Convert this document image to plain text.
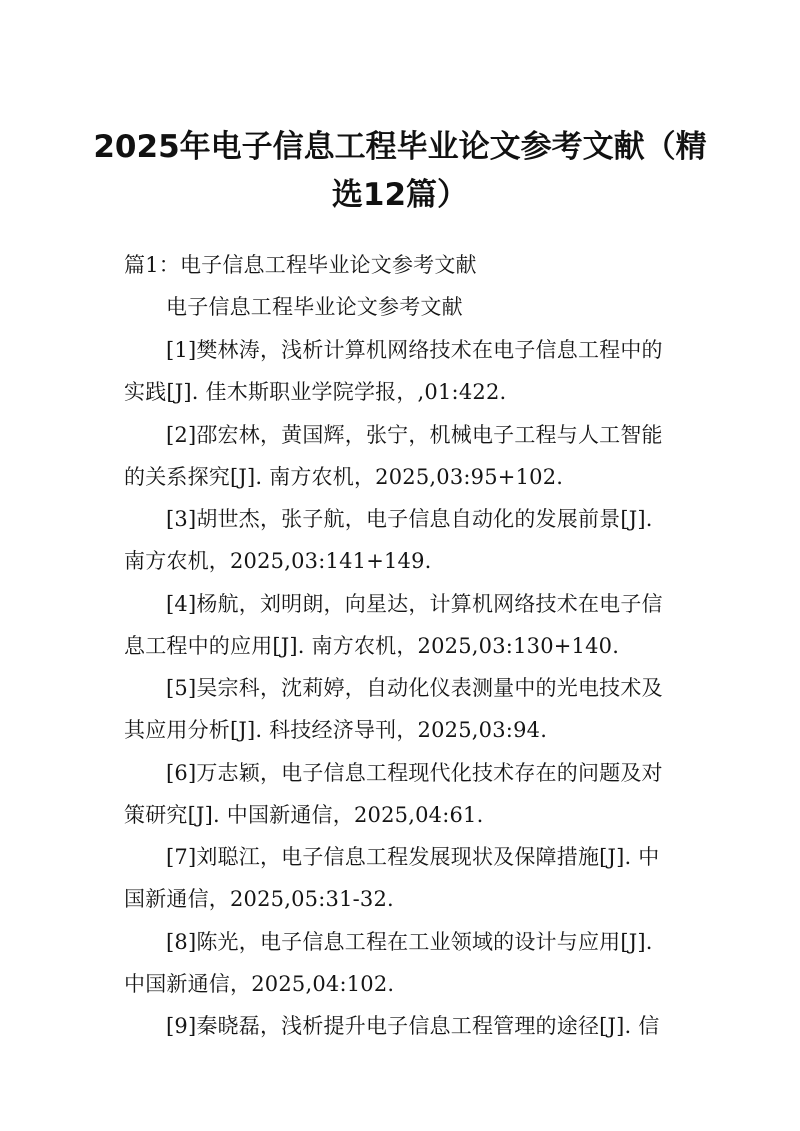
2025年电子信息工程毕业论文参考文献（精
选12篇）
篇1：电子信息工程毕业论文参考文献
电子信息工程毕业论文参考文献
[1]樊林涛，浅析计算机网络技术在电子信息工程中的
实践[J]. 佳木斯职业学院学报，,01:422.
[2]邵宏林，黄国辉，张宁，机械电子工程与人工智能
的关系探究[J]. 南方农机，2025,03:95+102.
[3]胡世杰，张子航，电子信息自动化的发展前景[J].
南方农机，2025,03:141+149.
[4]杨航，刘明朗，向星达，计算机网络技术在电子信
息工程中的应用[J]. 南方农机，2025,03:130+140.
[5]吴宗科，沈莉婷，自动化仪表测量中的光电技术及
其应用分析[J]. 科技经济导刊，2025,03:94.
[6]万志颖，电子信息工程现代化技术存在的问题及对
策研究[J]. 中国新通信，2025,04:61.
[7]刘聪江，电子信息工程发展现状及保障措施[J]. 中
国新通信，2025,05:31-32.
[8]陈光，电子信息工程在工业领域的设计与应用[J].
中国新通信，2025,04:102.
[9]秦晓磊，浅析提升电子信息工程管理的途径[J]. 信
